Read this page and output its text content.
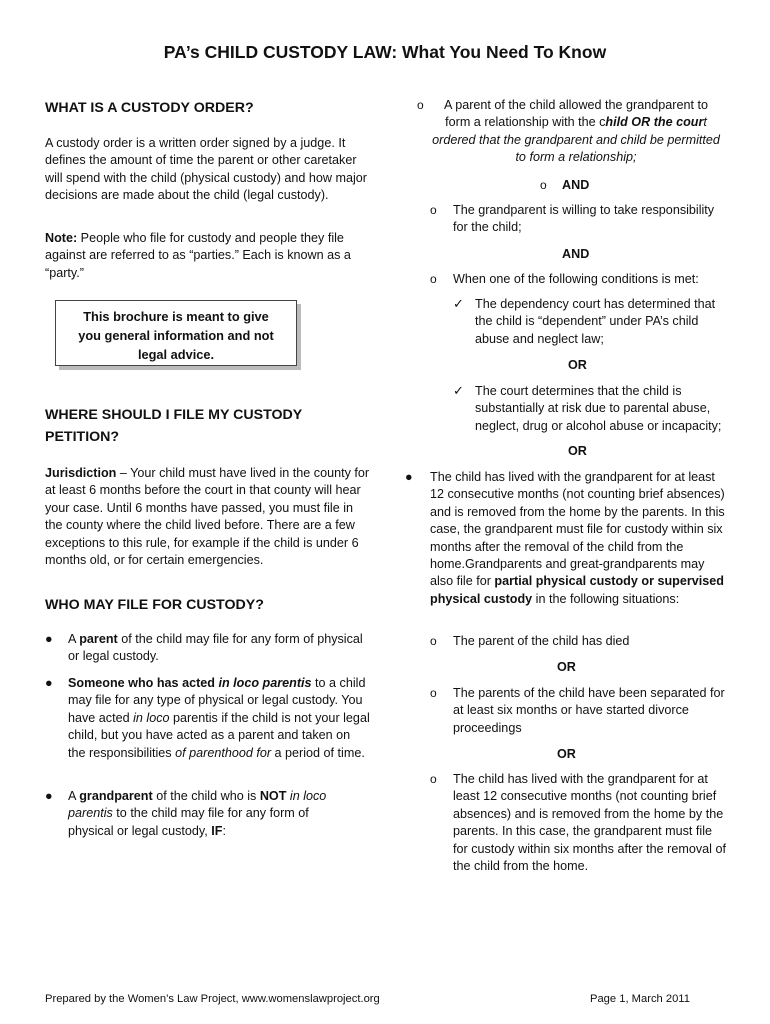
PA’s CHILD CUSTODY LAW: What You Need To Know
WHAT IS A CUSTODY ORDER?

A custody order is a written order signed by a judge. It defines the amount of time the parent or other caretaker will spend with the child (physical custody) and how major decisions are made about the child (legal custody).

Note: People who file for custody and people they file against are referred to as “parties.” Each is known as a “party.”

This brochure is meant to give you general information and not legal advice.
WHERE SHOULD I FILE MY CUSTODY PETITION?

Jurisdiction – Your child must have lived in the county for at least 6 months before the court in that county will hear your case. Until 6 months have passed, you must file in the county where the child lived before. There are a few exceptions to this rule, for example if the child is under 6 months old, or for certain emergencies.

WHO MAY FILE FOR CUSTODY?
● A parent of the child may file for any form of physical or legal custody.

● Someone who has acted in loco parentis to a child may file for any type of physical or legal custody. You have acted in loco parentis if the child is not your legal child, but you have acted as a parent and taken on the responsibilities of parenthood for a period of time.

● A grandparent of the child who is NOT in loco parentis to the child may file for any form of physical or legal custody, IF:

o	A parent of the child allowed the grandparent to form a relationship with the child OR the court ordered that the grandparent and child be permitted to form a relationship;

o AND
o The grandparent is willing to take responsibility for the child;

AND
o When one of the following conditions is met:

✓ The dependency court has determined that the child is “dependent” under PA’s child abuse and neglect law;

OR
✓ The court determines that the child is substantially at risk due to parental abuse, neglect, drug or alcohol abuse or incapacity;

OR
● The child has lived with the grandparent for at least 12 consecutive months (not counting brief absences) and is removed from the home by the parents. In this case, the grandparent must file for custody within six months after the removal of the child from the home.Grandparents and great-grandparents may also file for partial physical custody or supervised physical custody in the following situations:

o The parent of the child has died

OR
o The parents of the child have been separated for at least six months or have started divorce proceedings

OR
o The child has lived with the grandparent for at least 12 consecutive months (not counting brief absences) and is removed from the home by the parents. In this case, the grandparent must file for custody within six months after the removal of the child from the home.

Prepared by the Women’s Law Project, www.womenslawproject.org	Page 1, March 2011
